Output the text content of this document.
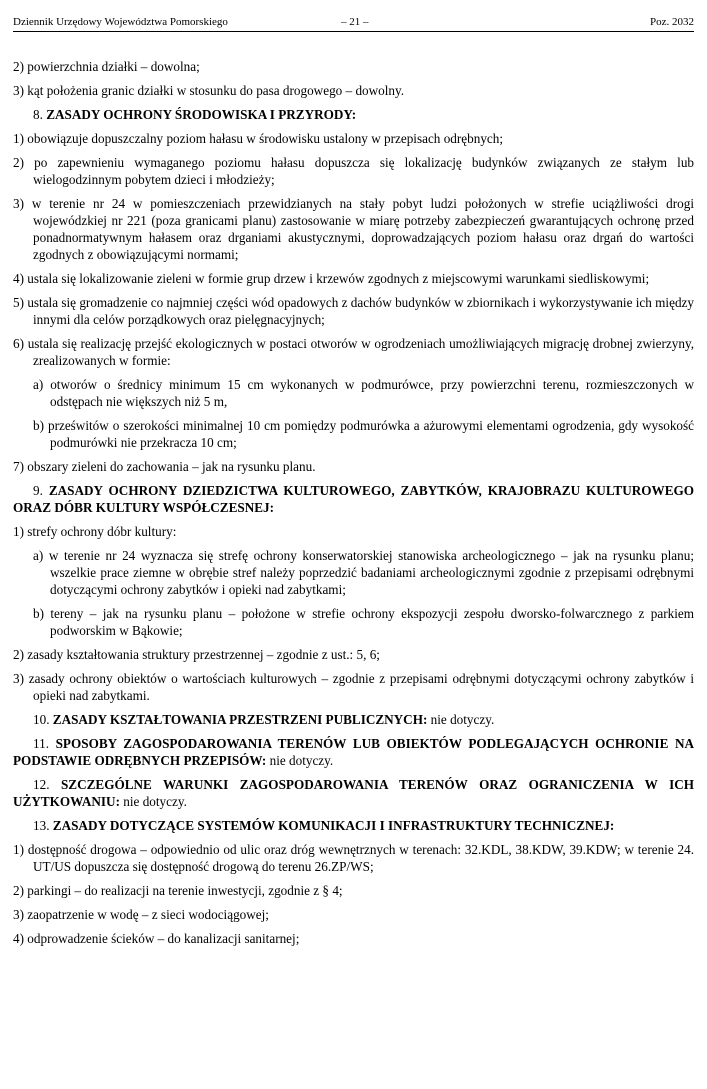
Dziennik Urzędowy Województwa Pomorskiego	– 21 –	Poz. 2032

2) powierzchnia działki – dowolna;

3) kąt położenia granic działki w stosunku do pasa drogowego – dowolny.

8. ZASADY OCHRONY ŚRODOWISKA I PRZYRODY:

1) obowiązuje dopuszczalny poziom hałasu w środowisku ustalony w przepisach odrębnych;

2) po zapewnieniu wymaganego poziomu hałasu dopuszcza się lokalizację budynków związanych ze stałym lub wielogodzinnym pobytem dzieci i młodzieży;

3) w terenie nr 24 w pomieszczeniach przewidzianych na stały pobyt ludzi położonych w strefie uciążliwości drogi wojewódzkiej nr 221 (poza granicami planu) zastosowanie w miarę potrzeby zabezpieczeń gwarantujących ochronę przed ponadnormatywnym hałasem oraz drganiami akustycznymi, doprowadzających poziom hałasu oraz drgań do wartości zgodnych z obowiązującymi normami;

4) ustala się lokalizowanie zieleni w formie grup drzew i krzewów zgodnych z miejscowymi warunkami siedliskowymi;

5) ustala się gromadzenie co najmniej części wód opadowych z dachów budynków w zbiornikach i wykorzystywanie ich między innymi dla celów porządkowych oraz pielęgnacyjnych;

6) ustala się realizację przejść ekologicznych w postaci otworów w ogrodzeniach umożliwiających migrację drobnej zwierzyny, zrealizowanych w formie:

a) otworów o średnicy minimum 15 cm wykonanych w podmurówce, przy powierzchni terenu, rozmieszczonych w odstępach nie większych niż 5 m,

b) prześwitów o szerokości minimalnej 10 cm pomiędzy podmurówka a ażurowymi elementami ogrodzenia, gdy wysokość podmurówki nie przekracza 10 cm;

7) obszary zieleni do zachowania – jak na rysunku planu.

9. ZASADY OCHRONY DZIEDZICTWA KULTUROWEGO, ZABYTKÓW, KRAJOBRAZU KULTUROWEGO ORAZ DÓBR KULTURY WSPÓŁCZESNEJ:

1) strefy ochrony dóbr kultury:

a) w terenie nr 24 wyznacza się strefę ochrony konserwatorskiej stanowiska archeologicznego – jak na rysunku planu; wszelkie prace ziemne w obrębie stref należy poprzedzić badaniami archeologicznymi zgodnie z przepisami odrębnymi dotyczącymi ochrony zabytków i opieki nad zabytkami;

b) tereny – jak na rysunku planu – położone w strefie ochrony ekspozycji zespołu dworsko-folwarcznego z parkiem podworskim w Bąkowie;

2) zasady kształtowania struktury przestrzennej – zgodnie z ust.: 5, 6;

3) zasady ochrony obiektów o wartościach kulturowych – zgodnie z przepisami odrębnymi dotyczącymi ochrony zabytków i opieki nad zabytkami.

10. ZASADY KSZTAŁTOWANIA PRZESTRZENI PUBLICZNYCH: nie dotyczy.

11. SPOSOBY ZAGOSPODAROWANIA TERENÓW LUB OBIEKTÓW PODLEGAJĄCYCH OCHRONIE NA PODSTAWIE ODRĘBNYCH PRZEPISÓW: nie dotyczy.

12. SZCZEGÓLNE WARUNKI ZAGOSPODAROWANIA TERENÓW ORAZ OGRANICZENIA W ICH UŻYTKOWANIU: nie dotyczy.

13. ZASADY DOTYCZĄCE SYSTEMÓW KOMUNIKACJI I INFRASTRUKTURY TECHNICZNEJ:

1) dostępność drogowa – odpowiednio od ulic oraz dróg wewnętrznych w terenach: 32.KDL, 38.KDW, 39.KDW; w terenie 24. UT/US dopuszcza się dostępność drogową do terenu 26.ZP/WS;

2) parkingi – do realizacji na terenie inwestycji, zgodnie z § 4;

3) zaopatrzenie w wodę – z sieci wodociągowej;

4) odprowadzenie ścieków – do kanalizacji sanitarnej;
